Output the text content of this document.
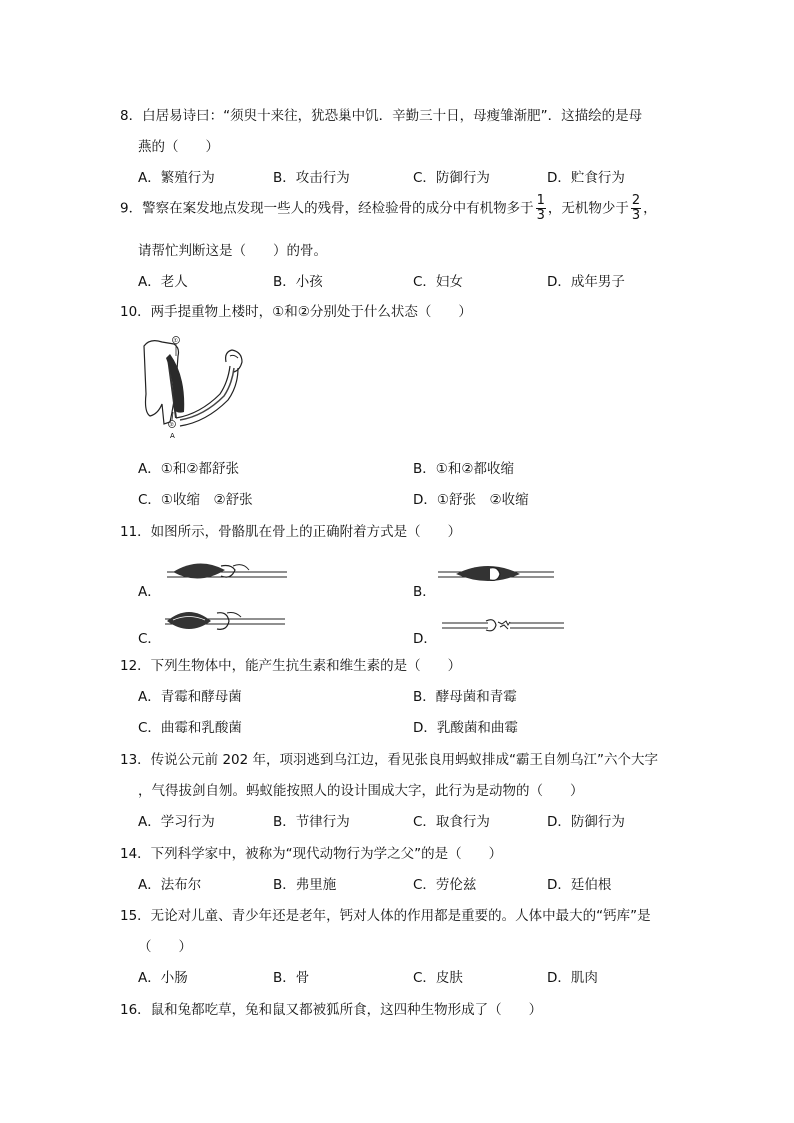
8．白居易诗曰：“须臾十来往，犹恐巢中饥．辛勤三十日，母瘦雏渐肥”．这描绘的是母
燕的（　　）
A．繁殖行为	B．攻击行为	C．防御行为	D．贮食行为
9．警察在案发地点发现一些人的残骨，经检验骨的成分中有机物多于 $\frac{1}{3}$ ，无机物少于 $\frac{2}{3}$ ，
请帮忙判断这是（　　）的骨。
A．老人	B．小孩	C．妇女	D．成年男子
10．两手提重物上楼时，①和②分别处于什么状态（　　）
①
②
A
A．①和②都舒张	B．①和②都收缩
C．①收缩　②舒张	D．①舒张　②收缩
11．如图所示，骨骼肌在骨上的正确附着方式是（　　）
A．	B．
C．	D．
12．下列生物体中，能产生抗生素和维生素的是（　　）
A．青霉和酵母菌	B．酵母菌和青霉
C．曲霉和乳酸菌	D．乳酸菌和曲霉
13．传说公元前 202 年，项羽逃到乌江边，看见张良用蚂蚁排成“霸王自刎乌江”六个大字
，气得拔剑自刎。蚂蚁能按照人的设计围成大字，此行为是动物的（　　）
A．学习行为	B．节律行为	C．取食行为	D．防御行为
14．下列科学家中，被称为“现代动物行为学之父”的是（　　）
A．法布尔	B．弗里施	C．劳伦兹	D．廷伯根
15．无论对儿童、青少年还是老年，钙对人体的作用都是重要的。人体中最大的“钙库”是
（　　）
A．小肠	B．骨	C．皮肤	D．肌肉
16．鼠和兔都吃草，兔和鼠又都被狐所食，这四种生物形成了（　　）
